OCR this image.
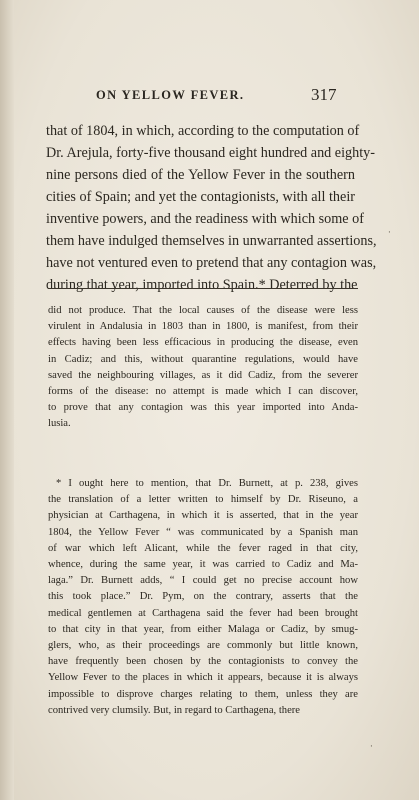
ON YELLOW FEVER.	317
that of 1804, in which, according to the computation of
Dr. Arejula, forty-five thousand eight hundred and eighty-
nine persons died of the Yellow Fever in the southern
cities of Spain; and yet the contagionists, with all their
inventive powers, and the readiness with which some of
them have indulged themselves in unwarranted assertions,
have not ventured even to pretend that any contagion was,
during that year, imported into Spain.* Deterred by the
did not produce. That the local causes of the disease were less
virulent in Andalusia in 1803 than in 1800, is manifest, from their
effects having been less efficacious in producing the disease, even
in Cadiz; and this, without quarantine regulations, would have
saved the neighbouring villages, as it did Cadiz, from the severer
forms of the disease: no attempt is made which I can discover,
to prove that any contagion was this year imported into Anda-
lusia.
* I ought here to mention, that Dr. Burnett, at p. 238, gives
the translation of a letter written to himself by Dr. Riseuno, a
physician at Carthagena, in which it is asserted, that in the year
1804, the Yellow Fever “ was communicated by a Spanish man
of war which left Alicant, while the fever raged in that city,
whence, during the same year, it was carried to Cadiz and Ma-
laga.” Dr. Burnett adds, “ I could get no precise account how
this took place.” Dr. Pym, on the contrary, asserts that the
medical gentlemen at Carthagena said the fever had been brought
to that city in that year, from either Malaga or Cadiz, by smug-
glers, who, as their proceedings are commonly but little known,
have frequently been chosen by the contagionists to convey the
Yellow Fever to the places in which it appears, because it is always
impossible to disprove charges relating to them, unless they are
contrived very clumsily. But, in regard to Carthagena, there
·
·
